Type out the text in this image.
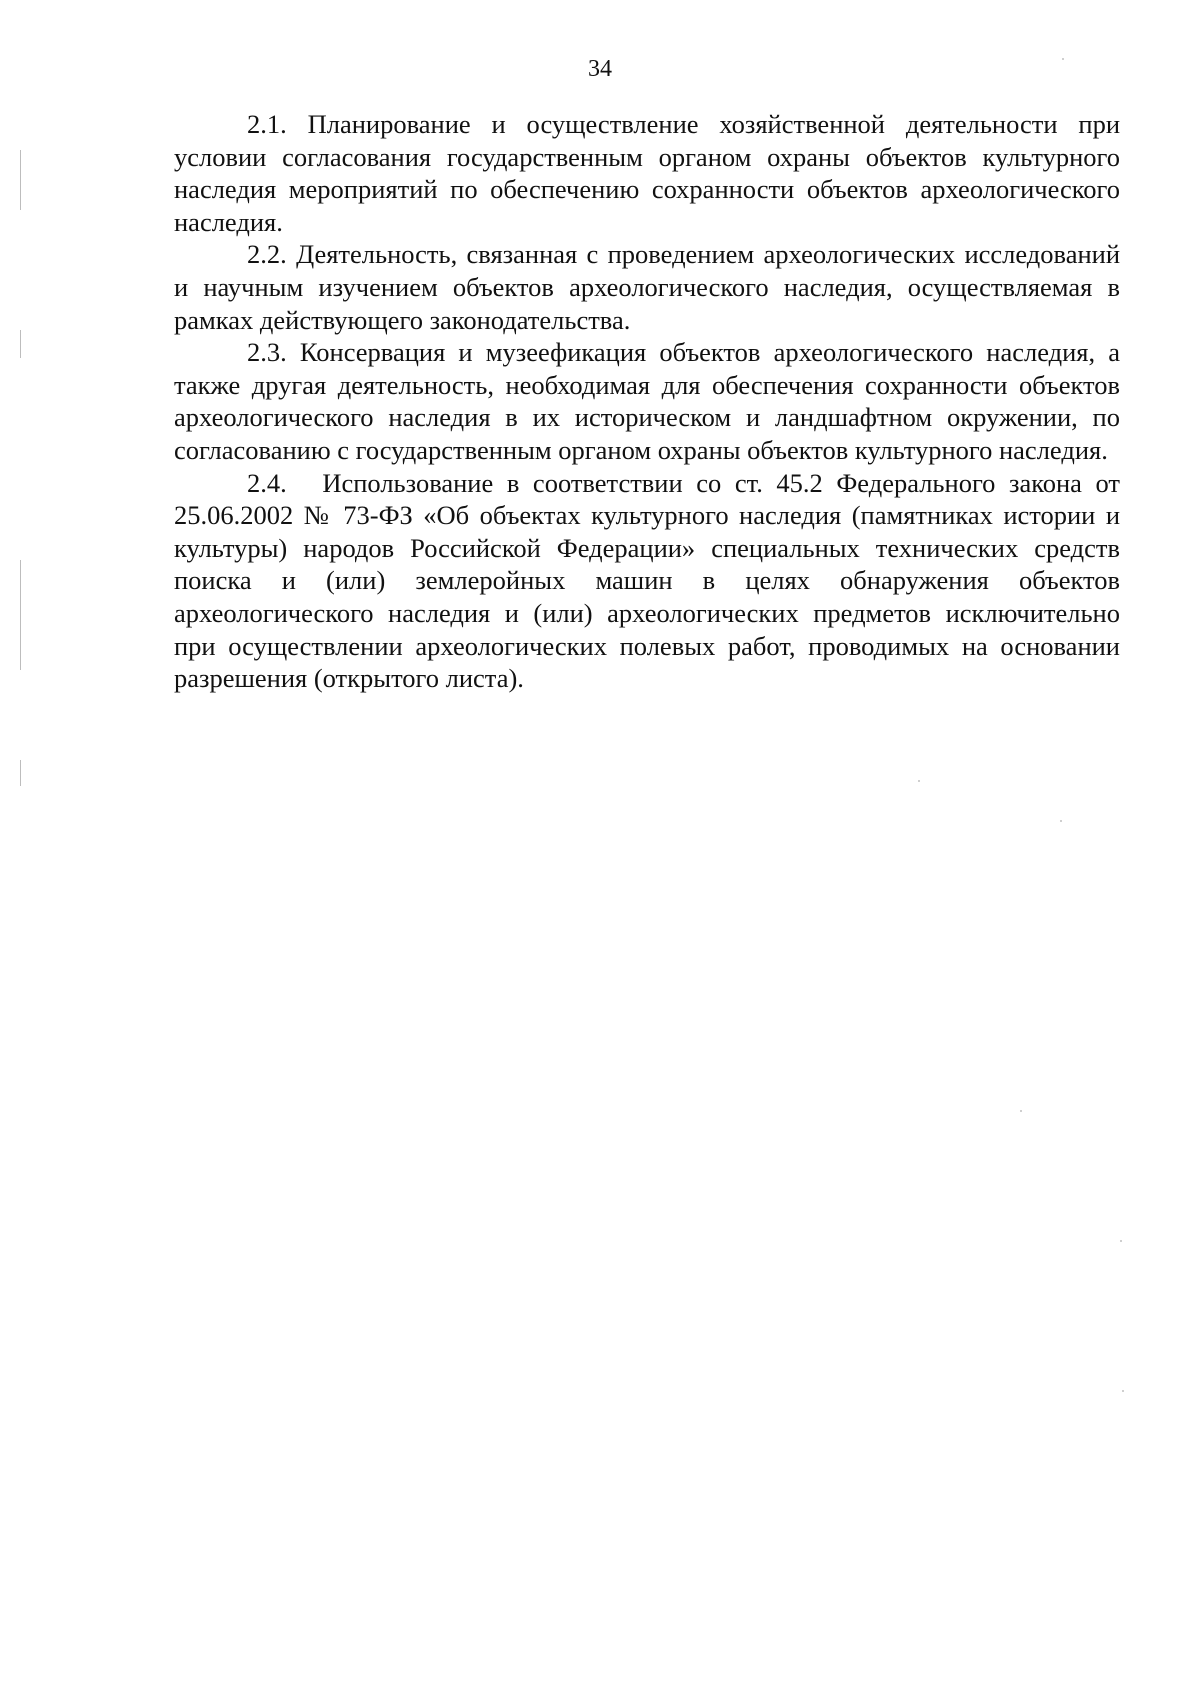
34

2.1. Планирование и осуществление хозяйственной деятельности при условии согласования государственным органом охраны объектов культурного наследия мероприятий по обеспечению сохранности объектов археологического наследия.

2.2. Деятельность, связанная с проведением археологических исследований и научным изучением объектов археологического наследия, осуществляемая в рамках действующего законодательства.

2.3. Консервация и музеефикация объектов археологического наследия, а также другая деятельность, необходимая для обеспечения сохранности объектов археологического наследия в их историческом и ландшафтном окружении, по согласованию с государственным органом охраны объектов культурного наследия.

2.4. Использование в соответствии со ст. 45.2 Федерального закона от 25.06.2002 № 73-ФЗ «Об объектах культурного наследия (памятниках истории и культуры) народов Российской Федерации» специальных технических средств поиска и (или) землеройных машин в целях обнаружения объектов археологического наследия и (или) археологических предметов исключительно при осуществлении археологических полевых работ, проводимых на основании разрешения (открытого листа).
